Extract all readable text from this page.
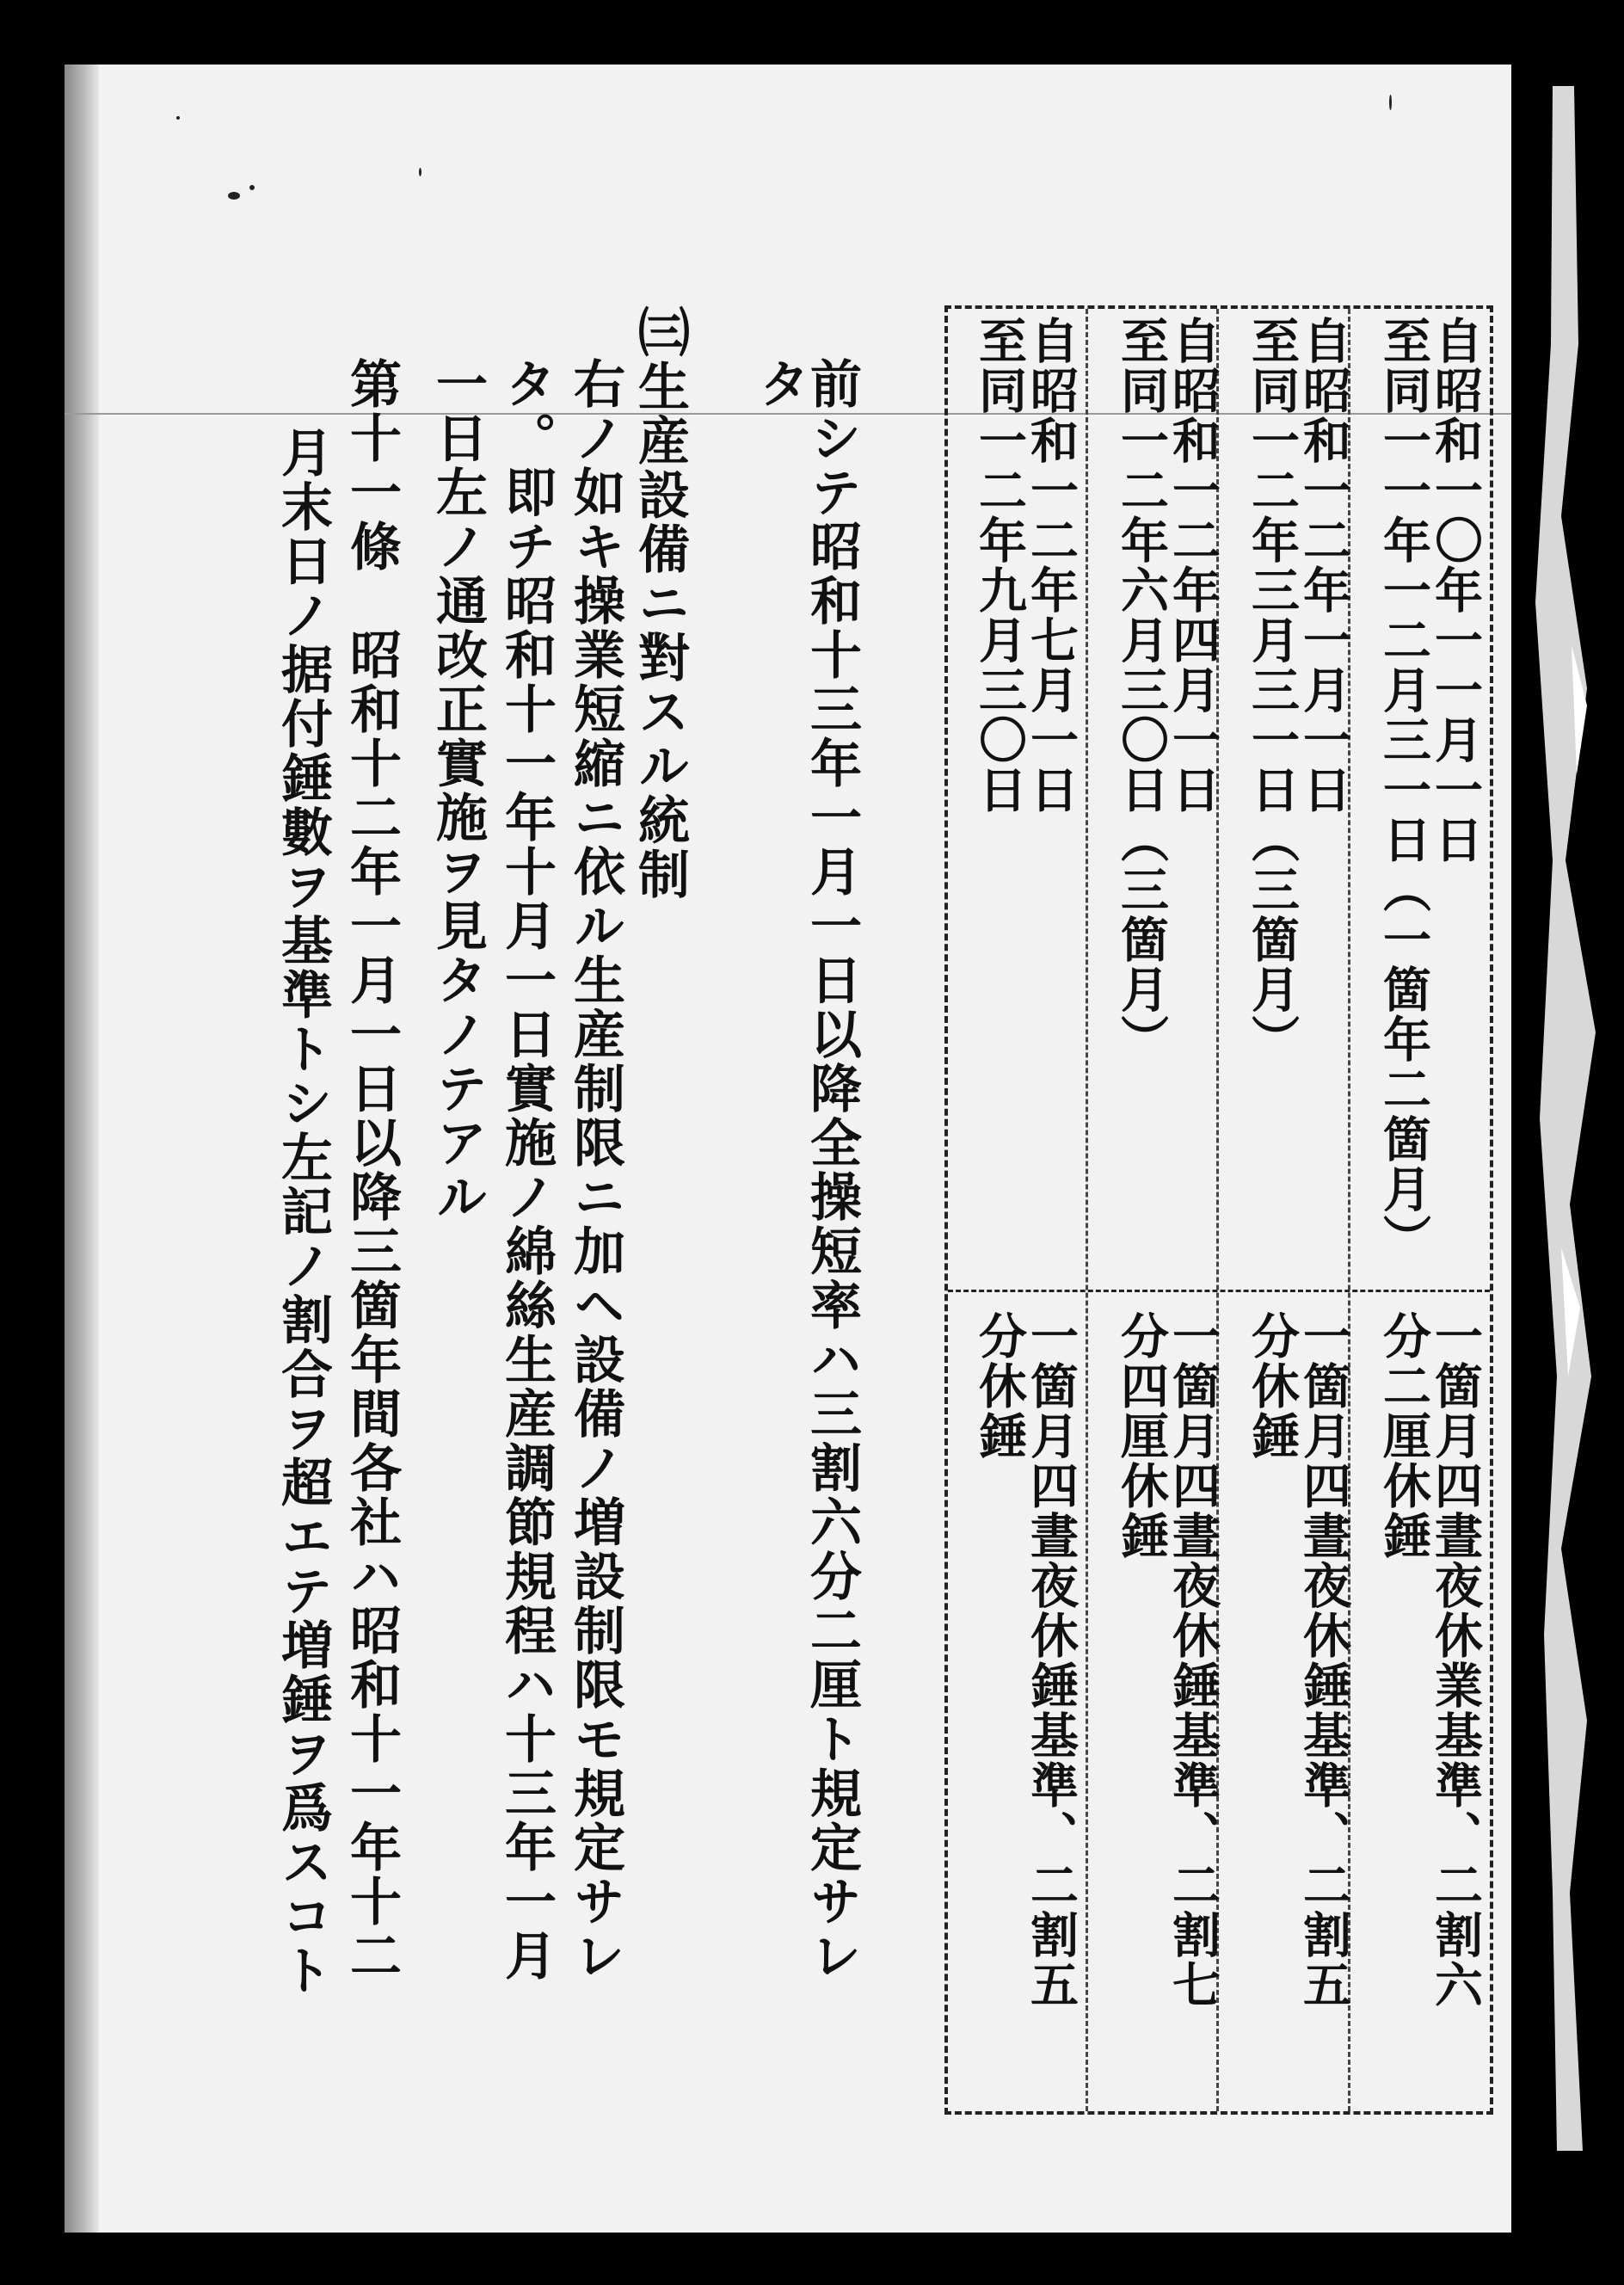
自昭和一〇年一一月一日
至同一一年一二月三一日（一箇年二箇月）
一箇月四晝夜休業基準、二割六
分二厘休錘
自昭和一二年一月一日
至同一二年三月三一日（三箇月）
一箇月四晝夜休錘基準、二割五
分休錘
自昭和一二年四月一日
至同一二年六月三〇日（三箇月）
一箇月四晝夜休錘基準、二割七
分四厘休錘
自昭和一二年七月一日
至同一二年九月三〇日
一箇月四晝夜休錘基準、二割五
分休錘
前シテ昭和十三年一月一日以降全操短率ハ三割六分二厘ト規定サレ
タ
㈢生産設備ニ對スル統制
右ノ如キ操業短縮ニ依ル生産制限ニ加ヘ設備ノ増設制限モ規定サレ
タ。即チ昭和十一年十月一日實施ノ綿絲生産調節規程ハ十三年一月
一日左ノ通改正實施ヲ見タノテアル
第十一條　昭和十二年一月一日以降三箇年間各社ハ昭和十一年十二
月末日ノ据付錘數ヲ基準トシ左記ノ割合ヲ超エテ増錘ヲ爲スコト
